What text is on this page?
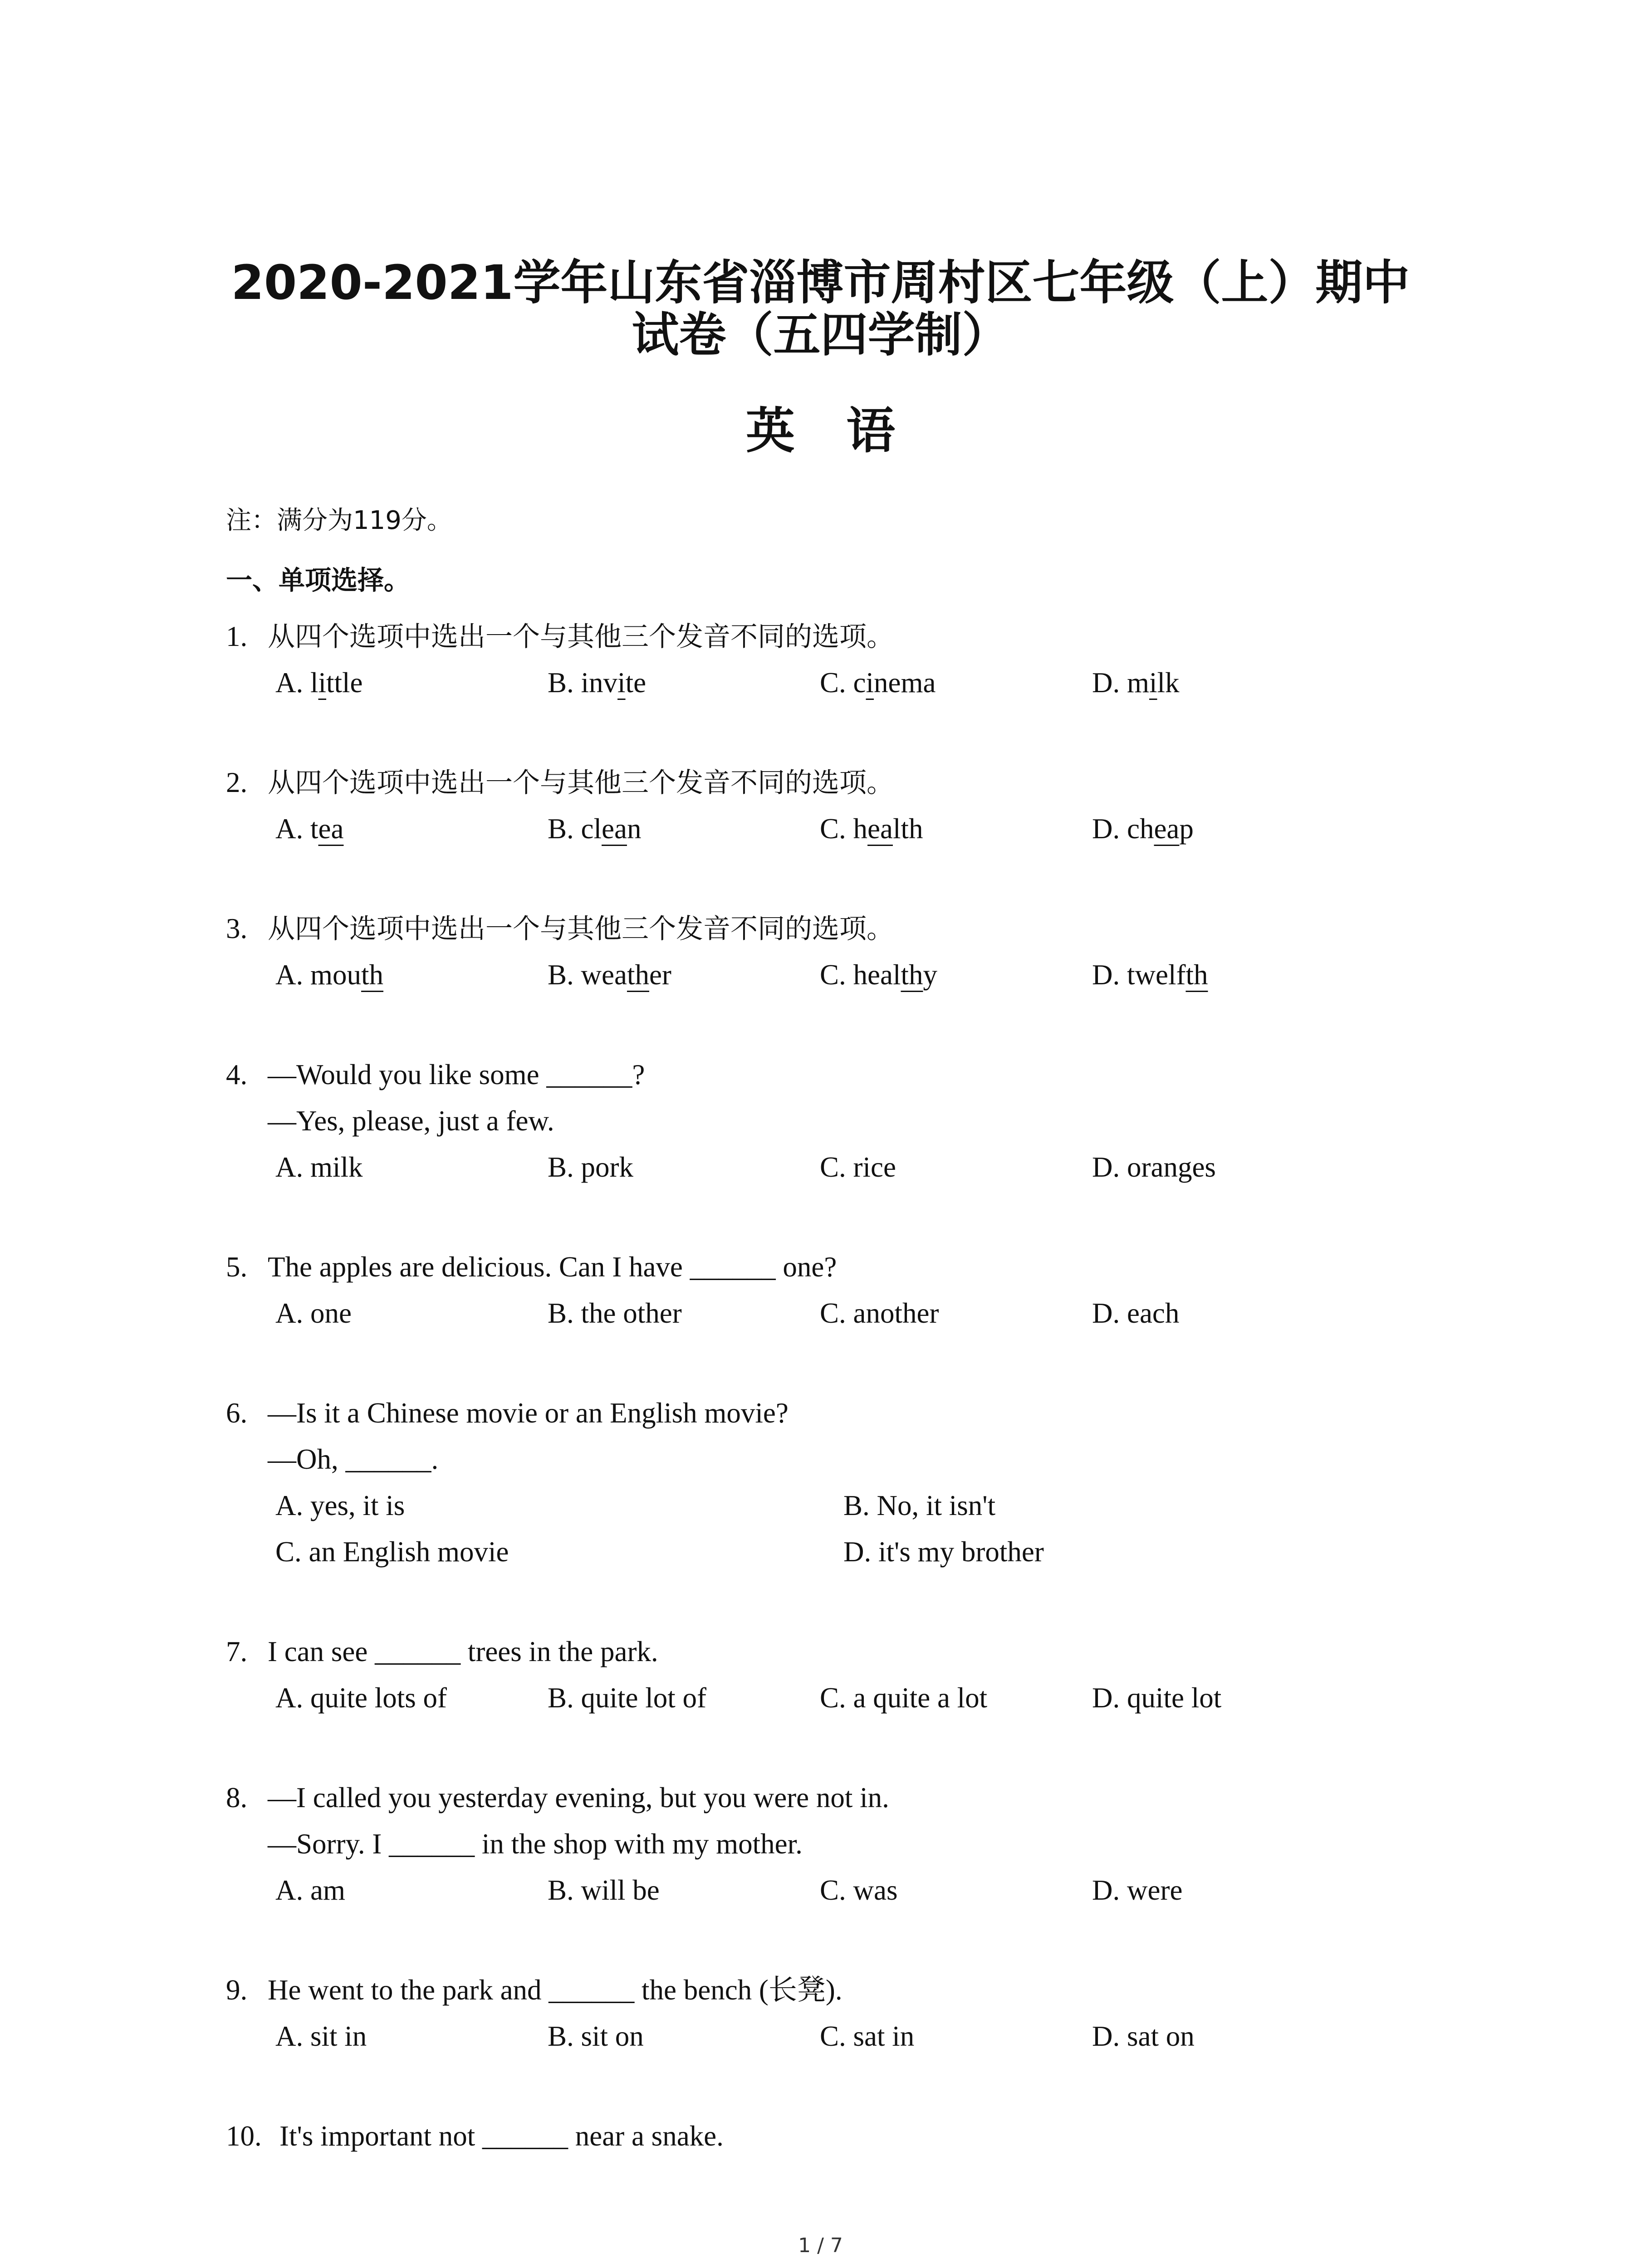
2020-2021学年山东省淄博市周村区七年级（上）期中
试卷（五四学制）
英 语
注：满分为119分。
一、单项选择。
1. 从四个选项中选出一个与其他三个发音不同的选项。
A. little	B. invite	C. cinema	D. milk
2. 从四个选项中选出一个与其他三个发音不同的选项。
A. tea	B. clean	C. health	D. cheap
3. 从四个选项中选出一个与其他三个发音不同的选项。
A. mouth	B. weather	C. healthy	D. twelfth
4. —Would you like some ______?
—Yes, please, just a few.
A. milk	B. pork	C. rice	D. oranges
5. The apples are delicious. Can I have ______ one?
A. one	B. the other	C. another	D. each
6. —Is it a Chinese movie or an English movie?
—Oh, ______.
A. yes, it is	B. No, it isn't
C. an English movie	D. it's my brother
7. I can see ______ trees in the park.
A. quite lots of	B. quite lot of	C. a quite a lot	D. quite lot
8. —I called you yesterday evening, but you were not in.
—Sorry. I ______ in the shop with my mother.
A. am	B. will be	C. was	D. were
9. He went to the park and ______ the bench (长凳).
A. sit in	B. sit on	C. sat in	D. sat on
10. It's important not ______ near a snake.
1 / 7
